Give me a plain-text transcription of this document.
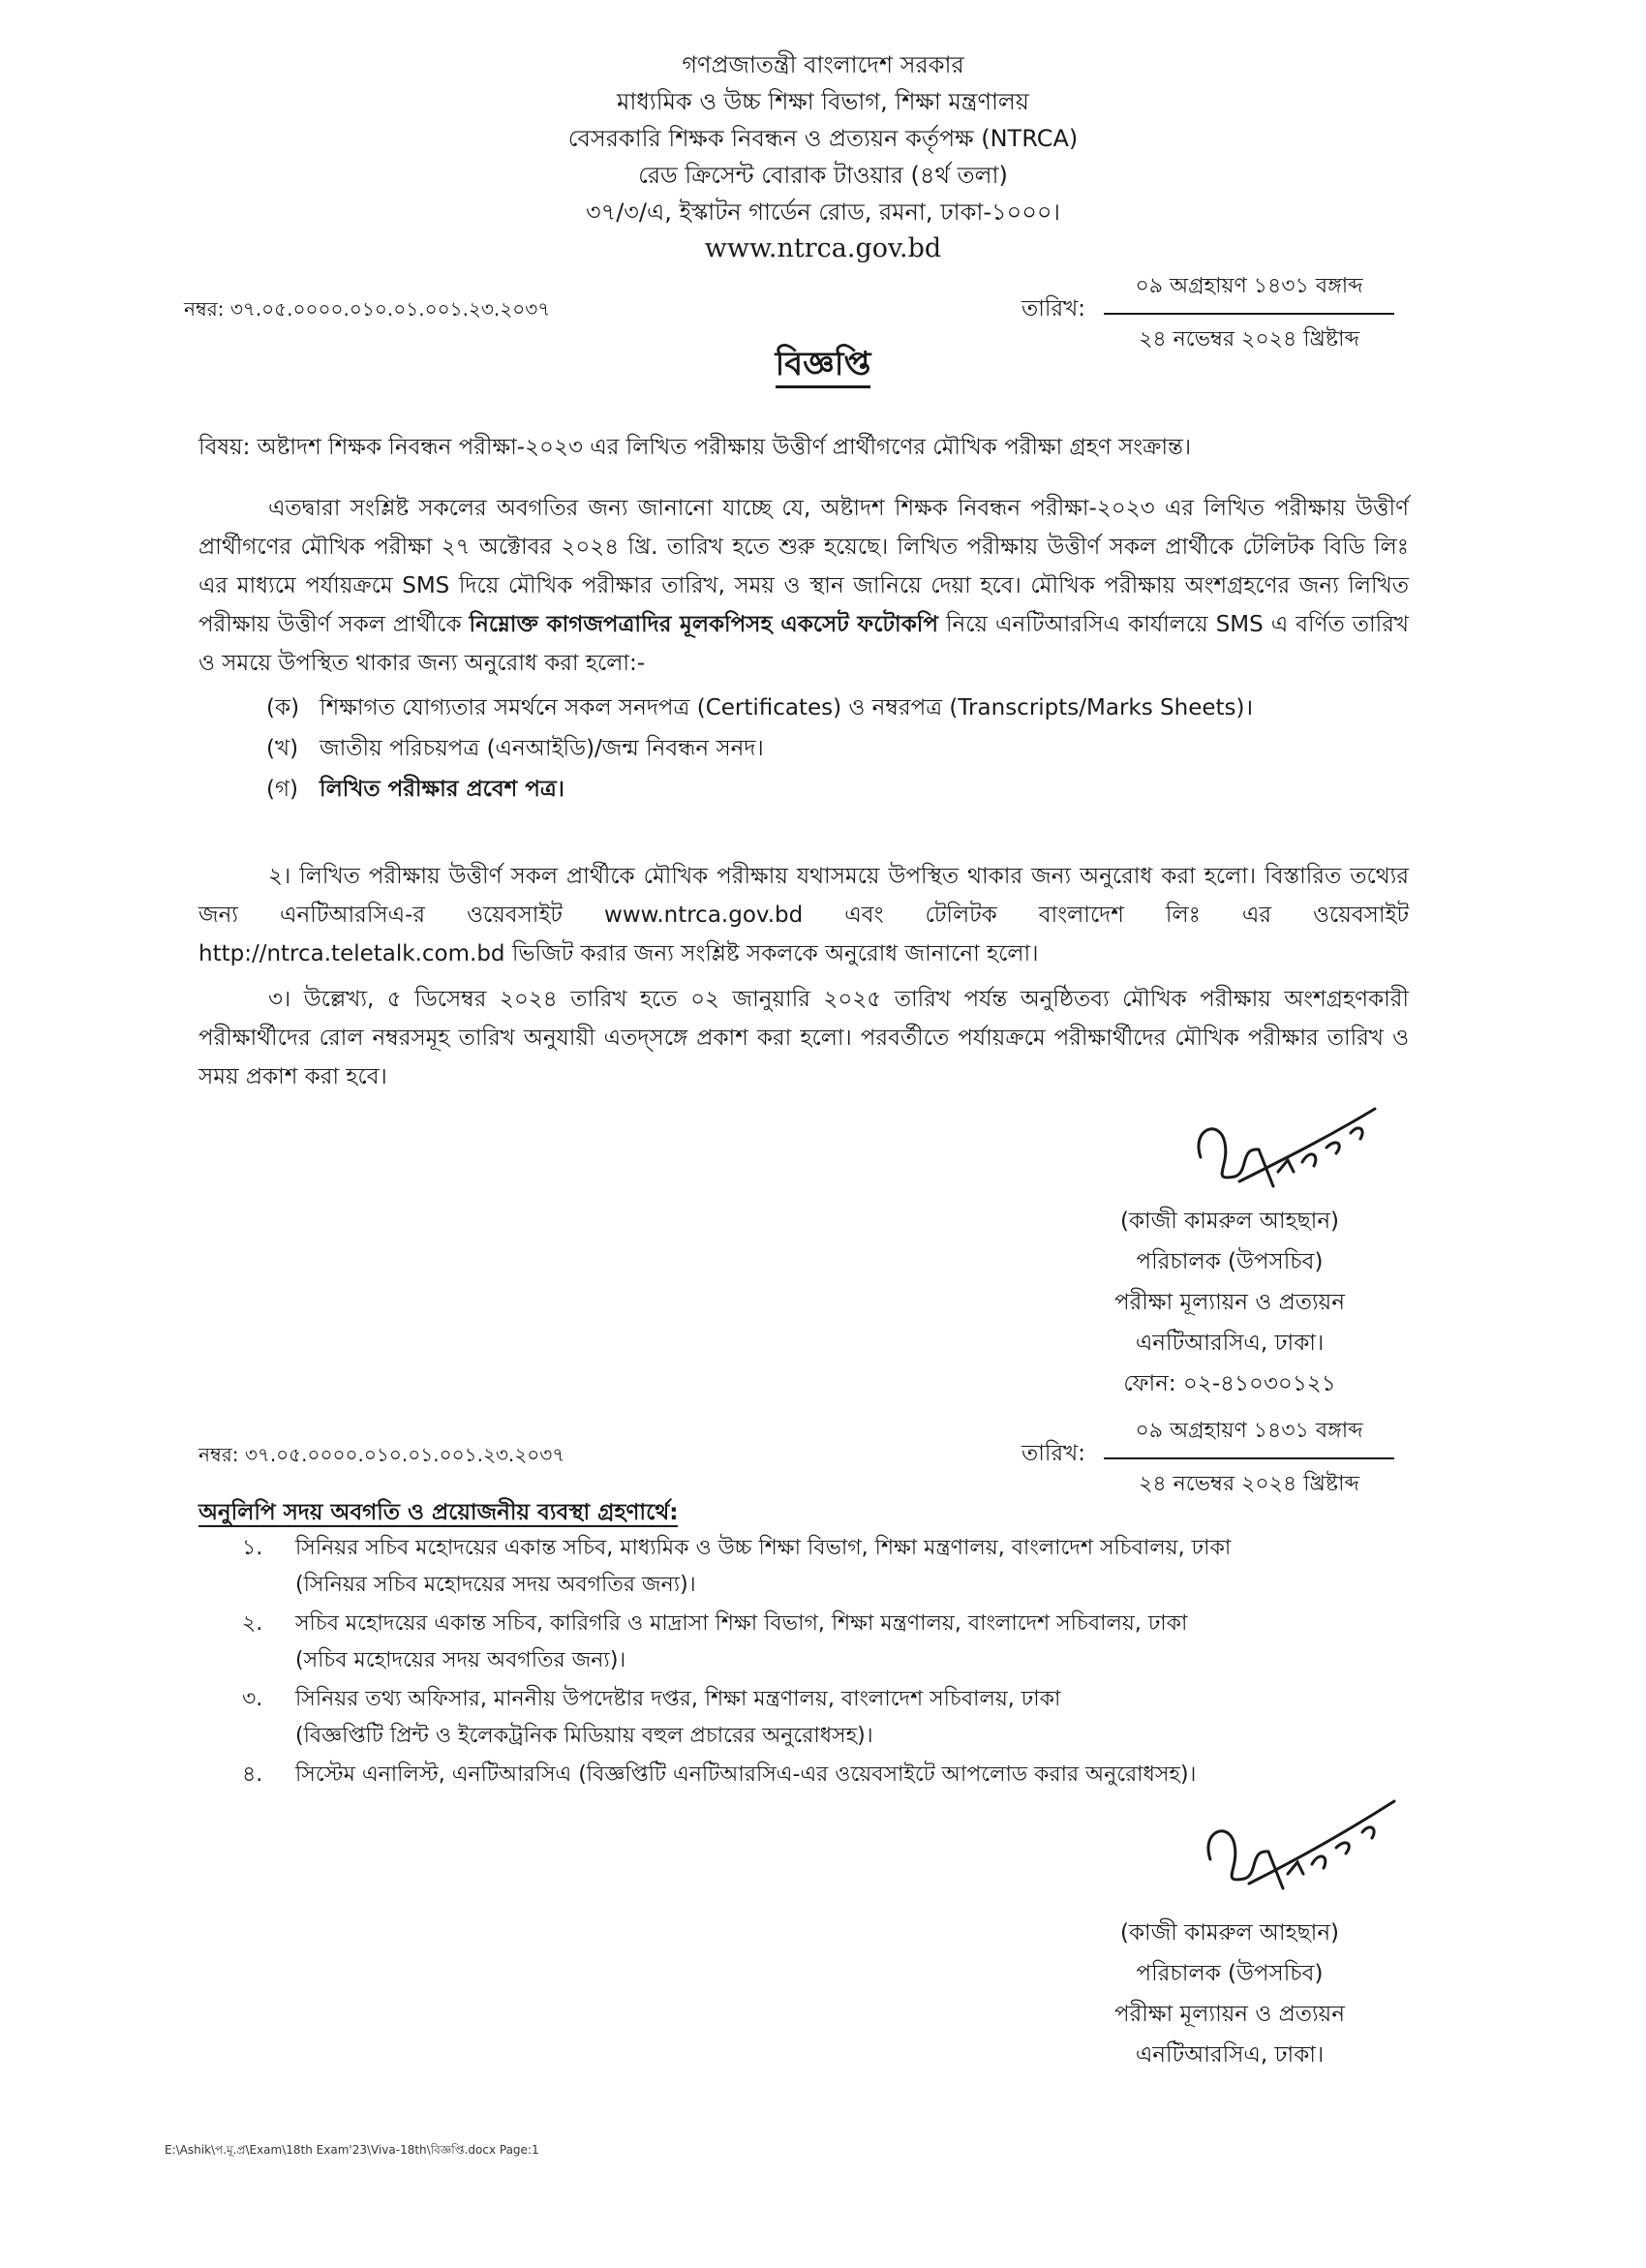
গণপ্রজাতন্ত্রী বাংলাদেশ সরকার
মাধ্যমিক ও উচ্চ শিক্ষা বিভাগ, শিক্ষা মন্ত্রণালয়
বেসরকারি শিক্ষক নিবন্ধন ও প্রত্যয়ন কর্তৃপক্ষ (NTRCA)
রেড ক্রিসেন্ট বোরাক টাওয়ার (৪র্থ তলা)
৩৭/৩/এ, ইস্কাটন গার্ডেন রোড, রমনা, ঢাকা-১০০০।
www.ntrca.gov.bd
নম্বর: ৩৭.০৫.০০০০.০১০.০১.০০১.২৩.২০৩৭	তারিখ:
০৯ অগ্রহায়ণ ১৪৩১ বঙ্গাব্দ
২৪ নভেম্বর ২০২৪ খ্রিষ্টাব্দ
বিজ্ঞপ্তি
বিষয়: অষ্টাদশ শিক্ষক নিবন্ধন পরীক্ষা-২০২৩ এর লিখিত পরীক্ষায় উত্তীর্ণ প্রার্থীগণের মৌখিক পরীক্ষা গ্রহণ সংক্রান্ত।
এতদ্বারা সংশ্লিষ্ট সকলের অবগতির জন্য জানানো যাচ্ছে যে, অষ্টাদশ শিক্ষক নিবন্ধন পরীক্ষা-২০২৩ এর লিখিত পরীক্ষায় উত্তীর্ণ প্রার্থীগণের মৌখিক পরীক্ষা ২৭ অক্টোবর ২০২৪ খ্রি. তারিখ হতে শুরু হয়েছে। লিখিত পরীক্ষায় উত্তীর্ণ সকল প্রার্থীকে টেলিটক বিডি লিঃ এর মাধ্যমে পর্যায়ক্রমে SMS দিয়ে মৌখিক পরীক্ষার তারিখ, সময় ও স্থান জানিয়ে দেয়া হবে। মৌখিক পরীক্ষায় অংশগ্রহণের জন্য লিখিত পরীক্ষায় উত্তীর্ণ সকল প্রার্থীকে নিম্নোক্ত কাগজপত্রাদির মূলকপিসহ একসেট ফটোকপি নিয়ে এনটিআরসিএ কার্যালয়ে SMS এ বর্ণিত তারিখ ও সময়ে উপস্থিত থাকার জন্য অনুরোধ করা হলো:-
(ক) শিক্ষাগত যোগ্যতার সমর্থনে সকল সনদপত্র (Certificates) ও নম্বরপত্র (Transcripts/Marks Sheets)।
(খ) জাতীয় পরিচয়পত্র (এনআইডি)/জন্ম নিবন্ধন সনদ।
(গ) লিখিত পরীক্ষার প্রবেশ পত্র।
২। লিখিত পরীক্ষায় উত্তীর্ণ সকল প্রার্থীকে মৌখিক পরীক্ষায় যথাসময়ে উপস্থিত থাকার জন্য অনুরোধ করা হলো। বিস্তারিত তথ্যের জন্য এনটিআরসিএ-র ওয়েবসাইট www.ntrca.gov.bd এবং টেলিটক বাংলাদেশ লিঃ এর ওয়েবসাইট http://ntrca.teletalk.com.bd ভিজিট করার জন্য সংশ্লিষ্ট সকলকে অনুরোধ জানানো হলো।
৩। উল্লেখ্য, ৫ ডিসেম্বর ২০২৪ তারিখ হতে ০২ জানুয়ারি ২০২৫ তারিখ পর্যন্ত অনুষ্ঠিতব্য মৌখিক পরীক্ষায় অংশগ্রহণকারী পরীক্ষার্থীদের রোল নম্বরসমূহ তারিখ অনুযায়ী এতদ্সঙ্গে প্রকাশ করা হলো। পরবর্তীতে পর্যায়ক্রমে পরীক্ষার্থীদের মৌখিক পরীক্ষার তারিখ ও সময় প্রকাশ করা হবে।
(কাজী কামরুল আহছান)
পরিচালক (উপসচিব)
পরীক্ষা মূল্যায়ন ও প্রত্যয়ন
এনটিআরসিএ, ঢাকা।
ফোন: ০২-৪১০৩০১২১
নম্বর: ৩৭.০৫.০০০০.০১০.০১.০০১.২৩.২০৩৭	তারিখ:
০৯ অগ্রহায়ণ ১৪৩১ বঙ্গাব্দ
২৪ নভেম্বর ২০২৪ খ্রিষ্টাব্দ
অনুলিপি সদয় অবগতি ও প্রয়োজনীয় ব্যবস্থা গ্রহণার্থে:
১.	সিনিয়র সচিব মহোদয়ের একান্ত সচিব, মাধ্যমিক ও উচ্চ শিক্ষা বিভাগ, শিক্ষা মন্ত্রণালয়, বাংলাদেশ সচিবালয়, ঢাকা
(সিনিয়র সচিব মহোদয়ের সদয় অবগতির জন্য)।
২.	সচিব মহোদয়ের একান্ত সচিব, কারিগরি ও মাদ্রাসা শিক্ষা বিভাগ, শিক্ষা মন্ত্রণালয়, বাংলাদেশ সচিবালয়, ঢাকা
(সচিব মহোদয়ের সদয় অবগতির জন্য)।
৩.	সিনিয়র তথ্য অফিসার, মাননীয় উপদেষ্টার দপ্তর, শিক্ষা মন্ত্রণালয়, বাংলাদেশ সচিবালয়, ঢাকা
(বিজ্ঞপ্তিটি প্রিন্ট ও ইলেকট্রনিক মিডিয়ায় বহুল প্রচারের অনুরোধসহ)।
৪.	সিস্টেম এনালিস্ট, এনটিআরসিএ (বিজ্ঞপ্তিটি এনটিআরসিএ-এর ওয়েবসাইটে আপলোড করার অনুরোধসহ)।
(কাজী কামরুল আহছান)
পরিচালক (উপসচিব)
পরীক্ষা মূল্যায়ন ও প্রত্যয়ন
এনটিআরসিএ, ঢাকা।
E:\Ashik\প.মূ.প্র\Exam\18th Exam'23\Viva-18th\বিজ্ঞপ্তি.docx Page:1
